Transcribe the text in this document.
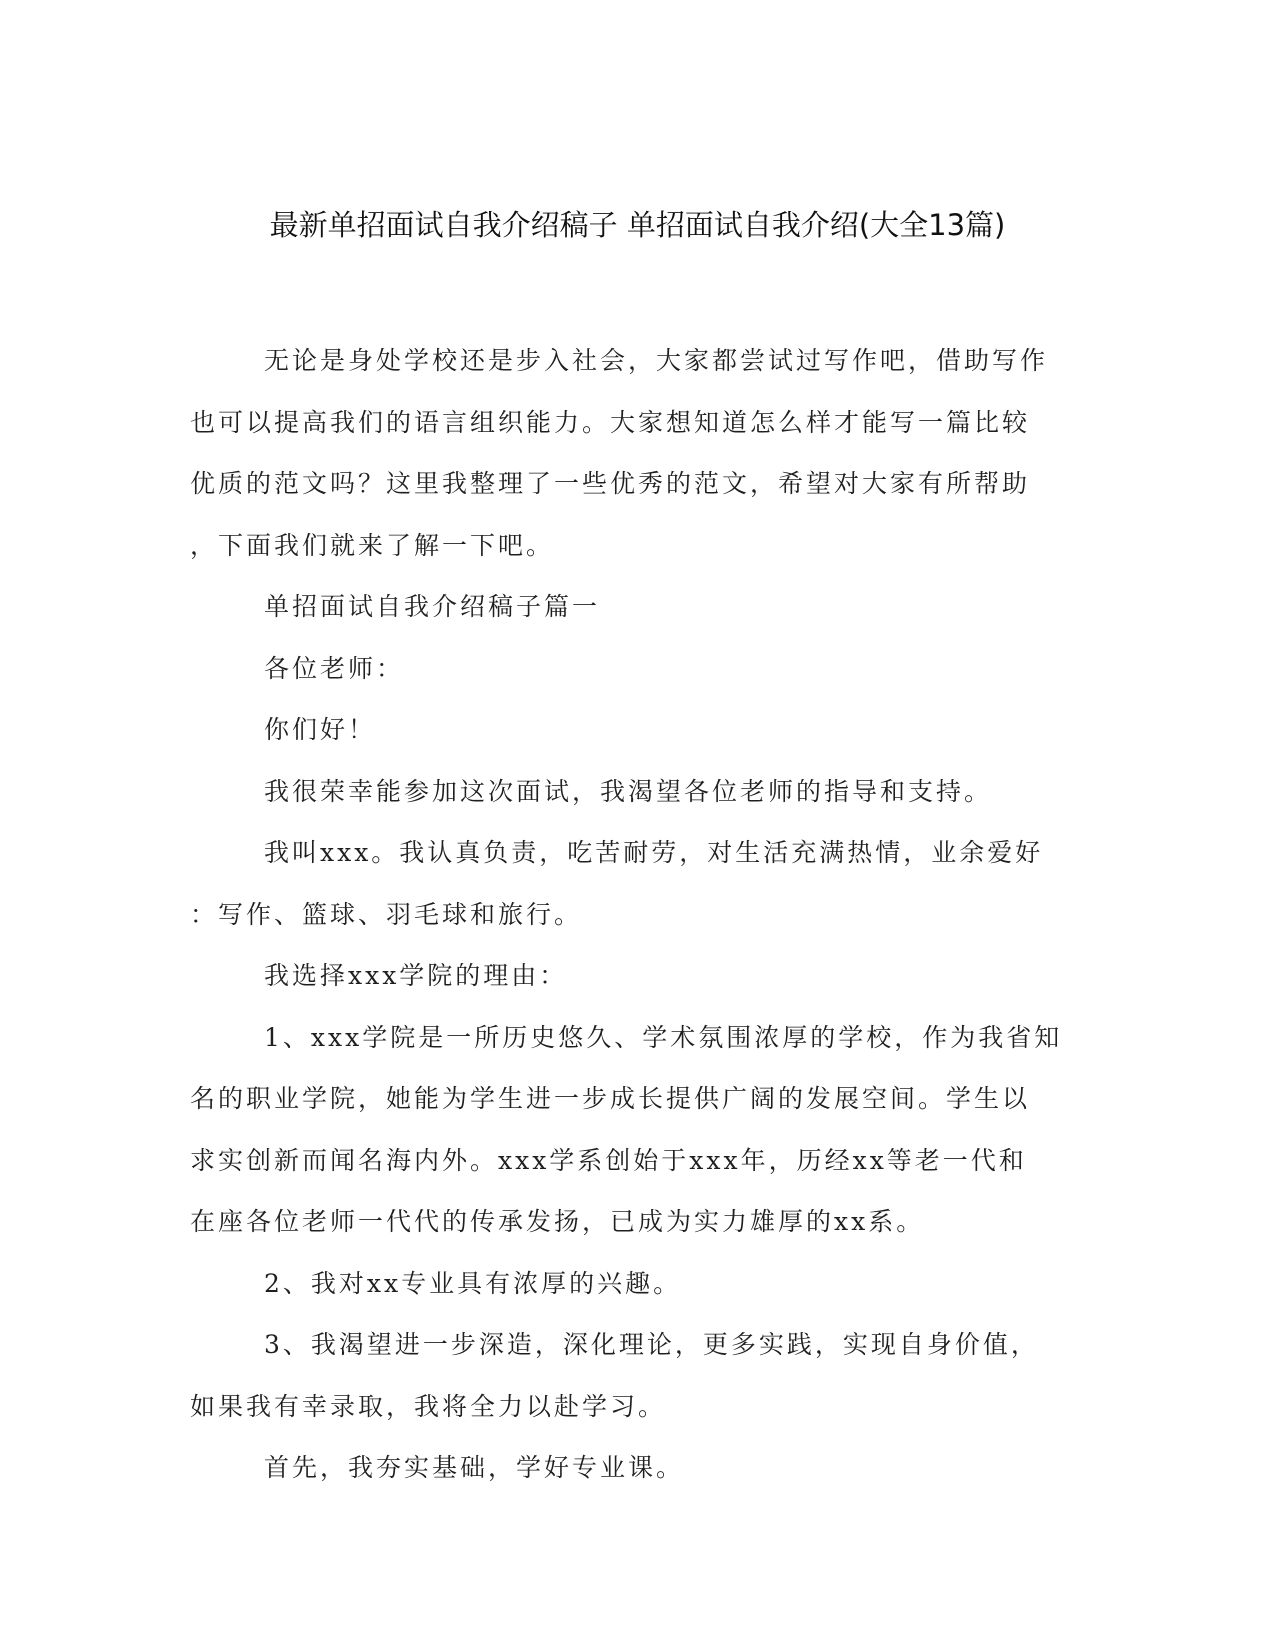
最新单招面试自我介绍稿子 单招面试自我介绍(大全13篇)
无论是身处学校还是步入社会，大家都尝试过写作吧，借助写作
也可以提高我们的语言组织能力。大家想知道怎么样才能写一篇比较
优质的范文吗？这里我整理了一些优秀的范文，希望对大家有所帮助
，下面我们就来了解一下吧。
单招面试自我介绍稿子篇一
各位老师：
你们好！
我很荣幸能参加这次面试，我渴望各位老师的指导和支持。
我叫xxx。我认真负责，吃苦耐劳，对生活充满热情，业余爱好
：写作、篮球、羽毛球和旅行。
我选择xxx学院的理由：
1、xxx学院是一所历史悠久、学术氛围浓厚的学校，作为我省知
名的职业学院，她能为学生进一步成长提供广阔的发展空间。学生以
求实创新而闻名海内外。xxx学系创始于xxx年，历经xx等老一代和
在座各位老师一代代的传承发扬，已成为实力雄厚的xx系。
2、我对xx专业具有浓厚的兴趣。
3、我渴望进一步深造，深化理论，更多实践，实现自身价值，
如果我有幸录取，我将全力以赴学习。
首先，我夯实基础，学好专业课。
